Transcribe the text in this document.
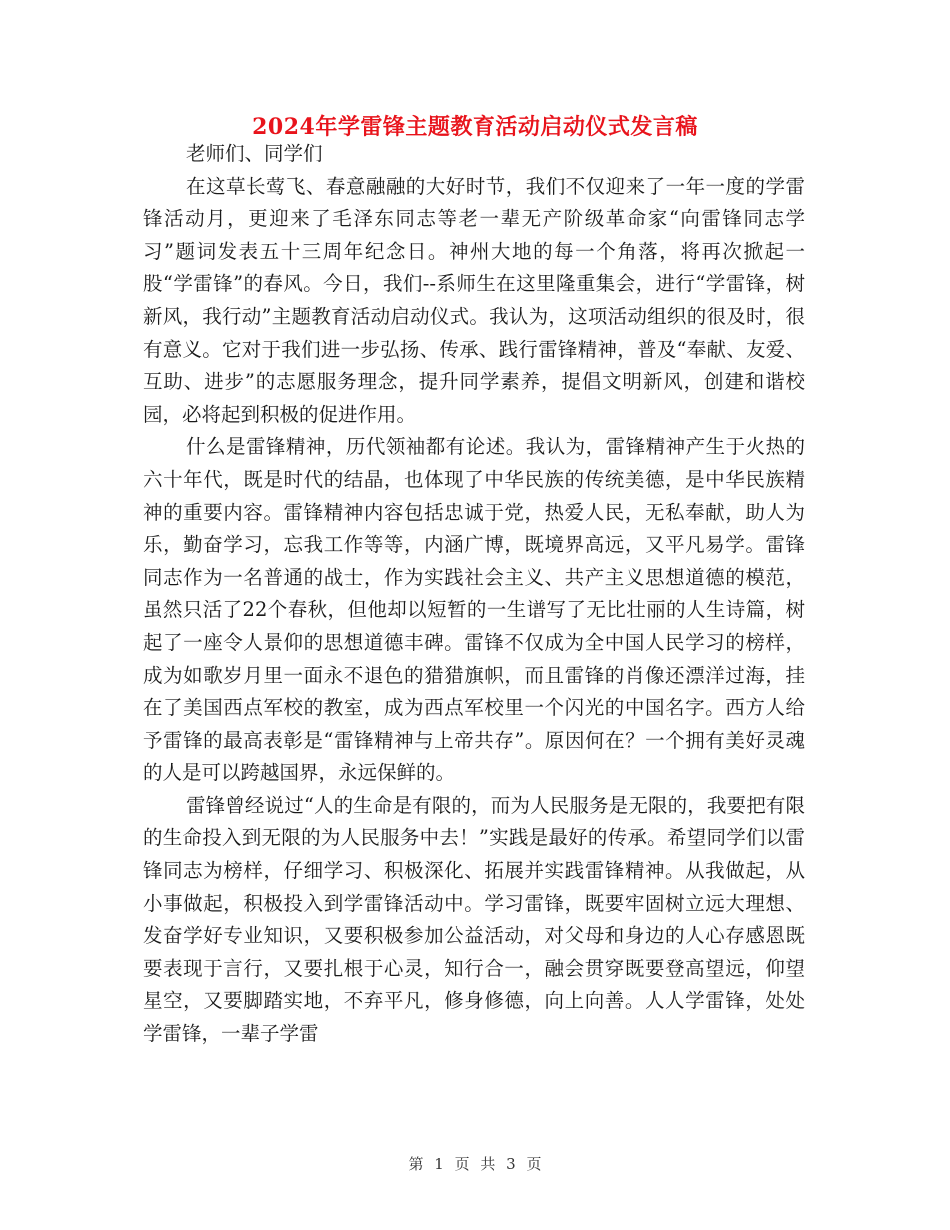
2024年学雷锋主题教育活动启动仪式发言稿

老师们、同学们

在这草长莺飞、春意融融的大好时节，我们不仅迎来了一年一度的学雷锋活动月，更迎来了毛泽东同志等老一辈无产阶级革命家“向雷锋同志学习”题词发表五十三周年纪念日。神州大地的每一个角落，将再次掀起一股“学雷锋”的春风。今日，我们--系师生在这里隆重集会，进行“学雷锋，树新风，我行动”主题教育活动启动仪式。我认为，这项活动组织的很及时，很有意义。它对于我们进一步弘扬、传承、践行雷锋精神，普及“奉献、友爱、互助、进步”的志愿服务理念，提升同学素养，提倡文明新风，创建和谐校园，必将起到积极的促进作用。

什么是雷锋精神，历代领袖都有论述。我认为，雷锋精神产生于火热的六十年代，既是时代的结晶，也体现了中华民族的传统美德，是中华民族精神的重要内容。雷锋精神内容包括忠诚于党，热爱人民，无私奉献，助人为乐，勤奋学习，忘我工作等等，内涵广博，既境界高远，又平凡易学。雷锋同志作为一名普通的战士，作为实践社会主义、共产主义思想道德的模范，虽然只活了22个春秋，但他却以短暂的一生谱写了无比壮丽的人生诗篇，树起了一座令人景仰的思想道德丰碑。雷锋不仅成为全中国人民学习的榜样，成为如歌岁月里一面永不退色的猎猎旗帜，而且雷锋的肖像还漂洋过海，挂在了美国西点军校的教室，成为西点军校里一个闪光的中国名字。西方人给予雷锋的最高表彰是“雷锋精神与上帝共存”。原因何在？一个拥有美好灵魂的人是可以跨越国界，永远保鲜的。

雷锋曾经说过“人的生命是有限的，而为人民服务是无限的，我要把有限的生命投入到无限的为人民服务中去！”实践是最好的传承。希望同学们以雷锋同志为榜样，仔细学习、积极深化、拓展并实践雷锋精神。从我做起，从小事做起，积极投入到学雷锋活动中。学习雷锋，既要牢固树立远大理想、发奋学好专业知识，又要积极参加公益活动，对父母和身边的人心存感恩既要表现于言行，又要扎根于心灵，知行合一，融会贯穿既要登高望远，仰望星空，又要脚踏实地，不弃平凡，修身修德，向上向善。人人学雷锋，处处学雷锋，一辈子学雷

第 1 页 共 3 页
